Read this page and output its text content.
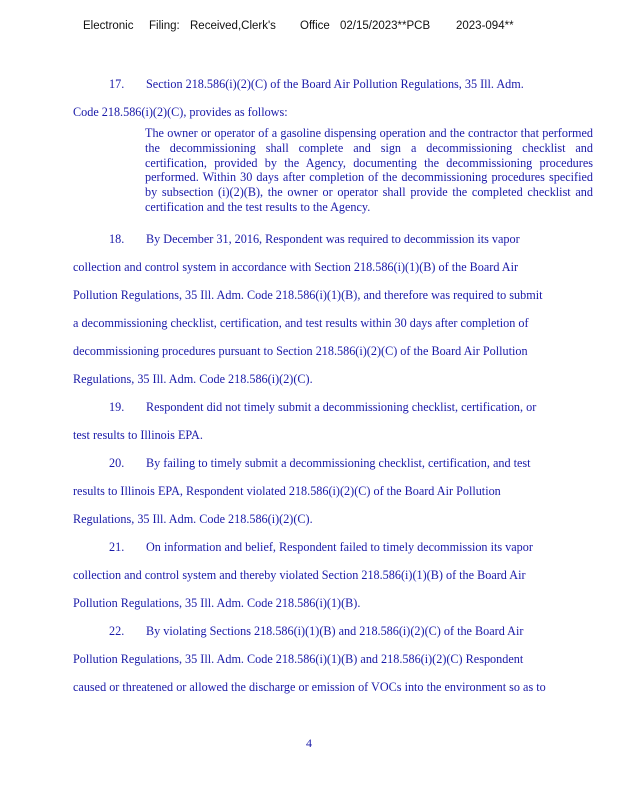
Electronic Filing: Received,Clerk's Office 02/15/2023**PCB 2023-094**
17. Section 218.586(i)(2)(C) of the Board Air Pollution Regulations, 35 Ill. Adm.
Code 218.586(i)(2)(C), provides as follows:
The owner or operator of a gasoline dispensing operation and the contractor that performed the decommissioning shall complete and sign a decommissioning checklist and certification, provided by the Agency, documenting the decommissioning procedures performed. Within 30 days after completion of the decommissioning procedures specified by subsection (i)(2)(B), the owner or operator shall provide the completed checklist and certification and the test results to the Agency.
18. By December 31, 2016, Respondent was required to decommission its vapor
collection and control system in accordance with Section 218.586(i)(1)(B) of the Board Air
Pollution Regulations, 35 Ill. Adm. Code 218.586(i)(1)(B), and therefore was required to submit
a decommissioning checklist, certification, and test results within 30 days after completion of
decommissioning procedures pursuant to Section 218.586(i)(2)(C) of the Board Air Pollution
Regulations, 35 Ill. Adm. Code 218.586(i)(2)(C).
19. Respondent did not timely submit a decommissioning checklist, certification, or
test results to Illinois EPA.
20. By failing to timely submit a decommissioning checklist, certification, and test
results to Illinois EPA, Respondent violated 218.586(i)(2)(C) of the Board Air Pollution
Regulations, 35 Ill. Adm. Code 218.586(i)(2)(C).
21. On information and belief, Respondent failed to timely decommission its vapor
collection and control system and thereby violated Section 218.586(i)(1)(B) of the Board Air
Pollution Regulations, 35 Ill. Adm. Code 218.586(i)(1)(B).
22. By violating Sections 218.586(i)(1)(B) and 218.586(i)(2)(C) of the Board Air
Pollution Regulations, 35 Ill. Adm. Code 218.586(i)(1)(B) and 218.586(i)(2)(C) Respondent
caused or threatened or allowed the discharge or emission of VOCs into the environment so as to
4
